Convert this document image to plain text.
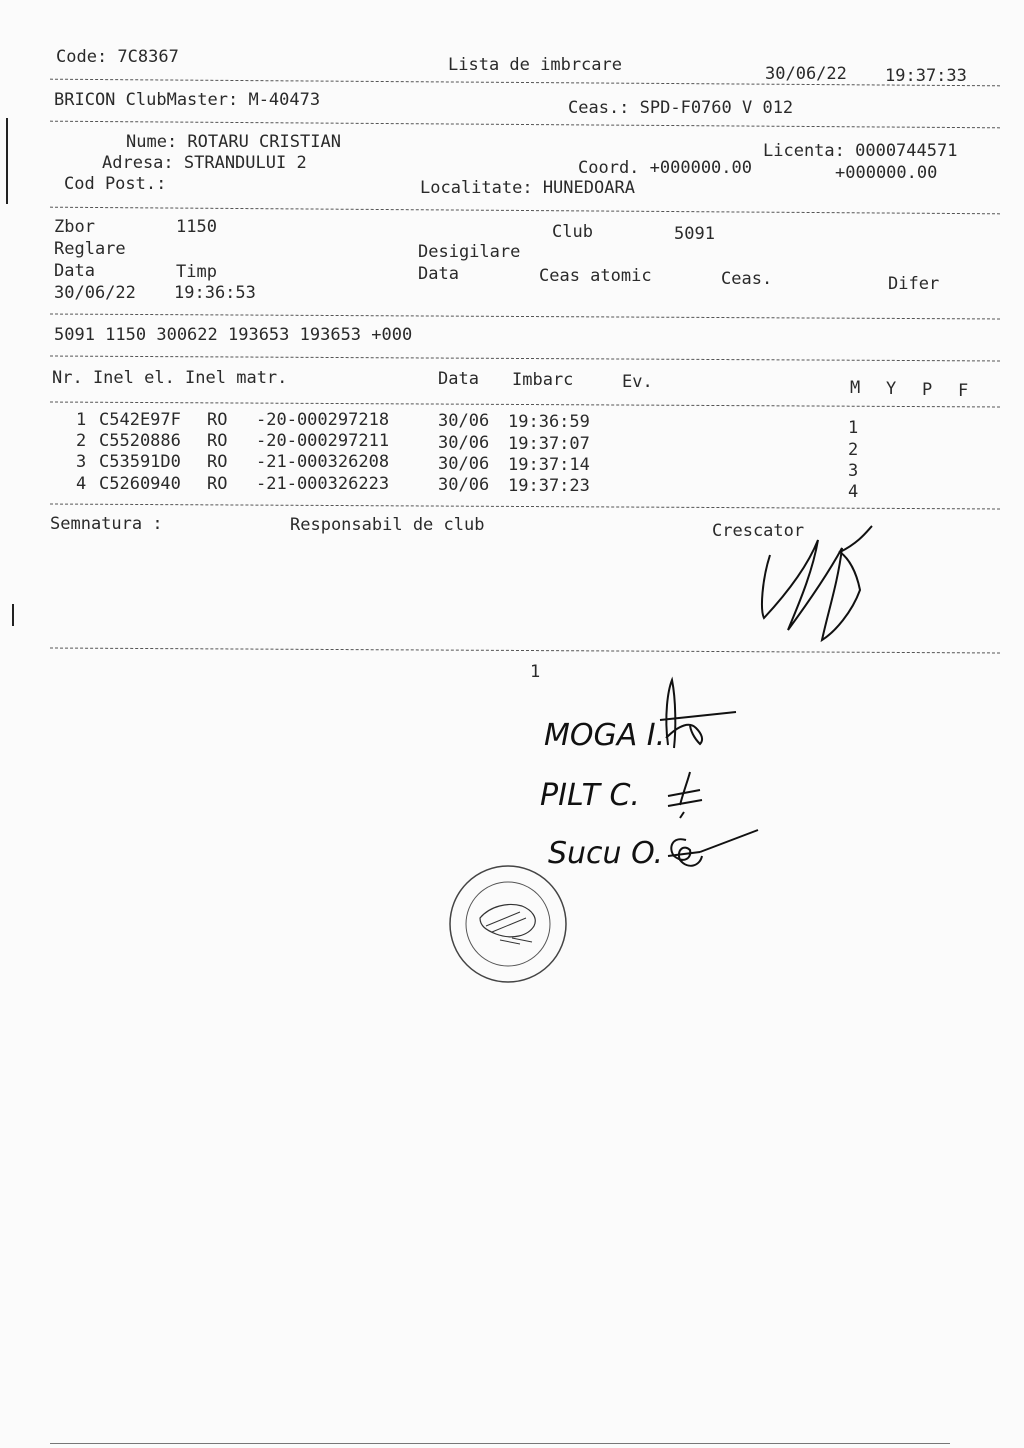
Code: 7C8367	Lista de imbrcare	30/06/22 19:37:33
BRICON ClubMaster: M-40473	Ceas.: SPD-F0760 V 012
Nume: ROTARU CRISTIAN
Adresa: STRANDULUI 2
Cod Post.:
Licenta: 0000744571
Coord. +000000.00	+000000.00
Localitate: HUNEDOARA
Zbor	1150	Club	5091
Reglare	Desigilare
Data	Timp	Data	Ceas atomic	Ceas.	Difer
30/06/22 19:36:53
5091 1150 300622 193653 193653 +000
Nr. Inel el. Inel matr.	Data Imbarc	Ev.	M Y P F
1 C542E97F RO -20-000297218	30/06 19:36:59	1
2 C5520886 RO -20-000297211	30/06 19:37:07	2
3 C53591D0 RO -21-000326208	30/06 19:37:14	3
4 C5260940 RO -21-000326223	30/06 19:37:23	4
Semnatura :	Responsabil de club	Crescator
1
MOGA I.
PILT C.
Sucu O.
